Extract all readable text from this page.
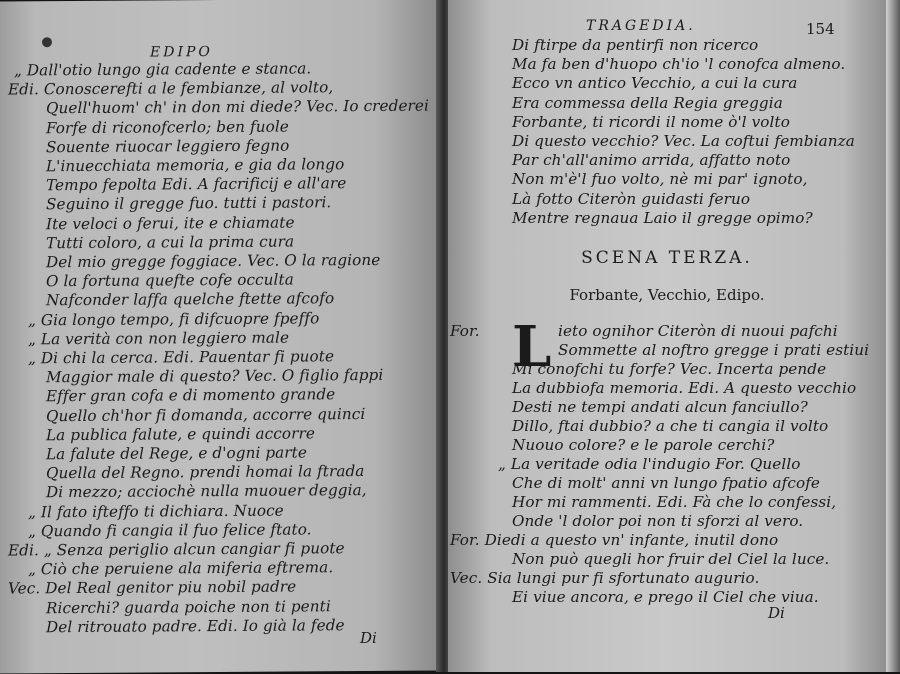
EDIPO
„ Dall'otio lungo gia cadente e stanca.
Edi. Conoscerefti a le fembianze, al volto,
Quell'huom' ch' in don mi diede? Vec. Io crederei
Forfe di riconofcerlo; ben fuole
Souente riuocar leggiero fegno
L'inuecchiata memoria, e gia da longo
Tempo fepolta Edi. A facrificij e all'are
Seguino il gregge fuo. tutti i pastori.
Ite veloci o ferui, ite e chiamate
Tutti coloro, a cui la prima cura
Del mio gregge foggiace. Vec. O la ragione
O la fortuna quefte cofe occulta
Nafconder laffa quelche ftette afcofo
„ Gia longo tempo, fi difcuopre fpeffo
„ La verità con non leggiero male
„ Di chi la cerca. Edi. Pauentar fi puote
Maggior male di questo? Vec. O figlio fappi
Effer gran cofa e di momento grande
Quello ch'hor fi domanda, accorre quinci
La publica falute, e quindi accorre
La falute del Rege, e d'ogni parte
Quella del Regno. prendi homai la ftrada
Di mezzo; acciochè nulla muouer deggia,
„ Il fato ifteffo ti dichiara. Nuoce
„ Quando fi cangia il fuo felice ftato.
Edi. „ Senza periglio alcun cangiar fi puote
„ Ciò che peruiene ala miferia eftrema.
Vec. Del Real genitor piu nobil padre
Ricerchi? guarda poiche non ti penti
Del ritrouato padre. Edi. Io già la fede
Di
TRAGEDIA.	154
Di ftirpe da pentirfi non ricerco
Ma fa ben d'huopo ch'io 'l conofca almeno.
Ecco vn antico Vecchio, a cui la cura
Era commessa della Regia greggia
Forbante, ti ricordi il nome ò'l volto
Di questo vecchio? Vec. La coftui fembianza
Par ch'all'animo arrida, affatto noto
Non m'è'l fuo volto, nè mi par' ignoto,
Là fotto Citeròn guidasti feruo
Mentre regnaua Laio il gregge opimo?
SCENA TERZA.
Forbante, Vecchio, Edipo.
L
For.	ieto ognihor Citeròn di nuoui pafchi
Sommette al noftro gregge i prati estiui
Mi conofchi tu forfe? Vec. Incerta pende
La dubbiofa memoria. Edi. A questo vecchio
Desti ne tempi andati alcun fanciullo?
Dillo, ftai dubbio? a che ti cangia il volto
Nuouo colore? e le parole cerchi?
„ La veritade odia l'indugio For. Quello
Che di molt' anni vn lungo fpatio afcofe
Hor mi rammenti. Edi. Fà che lo confessi,
Onde 'l dolor poi non ti sforzi al vero.
For. Diedi a questo vn' infante, inutil dono
Non può quegli hor fruir del Ciel la luce.
Vec. Sia lungi pur fi sfortunato augurio.
Ei viue ancora, e prego il Ciel che viua.
Di
